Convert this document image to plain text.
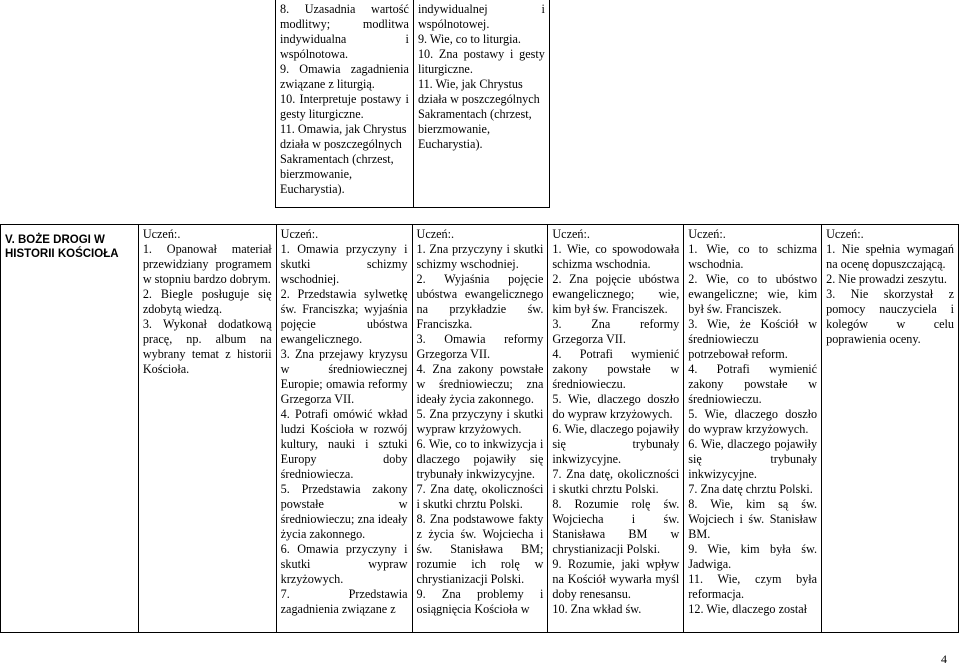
8. Uzasadnia wartość modlitwy; modlitwa indywidualna i wspólnotowa.
9. Omawia zagadnienia związane z liturgią.
10. Interpretuje postawy i gesty liturgiczne.
11. Omawia, jak Chrystus działa w poszczególnych Sakramentach (chrzest, bierzmowanie, Eucharystia).

indywidualnej i wspólnotowej.
9. Wie, co to liturgia.
10. Zna postawy i gesty liturgiczne.
11. Wie, jak Chrystus działa w poszczególnych Sakramentach (chrzest, bierzmowanie, Eucharystia).

V. BOŻE DROGI W HISTORII KOŚCIOŁA	
Uczeń:.
1. Opanował materiał przewidziany programem w stopniu bardzo dobrym.
2. Biegle posługuje się zdobytą wiedzą.
3. Wykonał dodatkową pracę, np. album na wybrany temat z historii Kościoła.

Uczeń:.
1. Omawia przyczyny i skutki schizmy wschodniej.
2. Przedstawia sylwetkę św. Franciszka; wyjaśnia pojęcie ubóstwa ewangelicznego.
3. Zna przejawy kryzysu w średniowiecznej Europie; omawia reformy Grzegorza VII.
4. Potrafi omówić wkład ludzi Kościoła w rozwój kultury, nauki i sztuki Europy doby średniowiecza.
5. Przedstawia zakony powstałe w średniowieczu; zna ideały życia zakonnego.
6. Omawia przyczyny i skutki wypraw krzyżowych.
7. Przedstawia zagadnienia związane z

Uczeń:.
1. Zna przyczyny i skutki schizmy wschodniej.
2. Wyjaśnia pojęcie ubóstwa ewangelicznego na przykładzie św. Franciszka.
3. Omawia reformy Grzegorza VII.
4. Zna zakony powstałe w średniowieczu; zna ideały życia zakonnego.
5. Zna przyczyny i skutki wypraw krzyżowych.
6. Wie, co to inkwizycja i dlaczego pojawiły się trybunały inkwizycyjne.
7. Zna datę, okoliczności i skutki chrztu Polski.
8. Zna podstawowe fakty z życia św. Wojciecha i św. Stanisława BM; rozumie ich rolę w chrystianizacji Polski.
9. Zna problemy i osiągnięcia Kościoła w

Uczeń:.
1. Wie, co spowodowała schizma wschodnia.
2. Zna pojęcie ubóstwa ewangelicznego; wie, kim był św. Franciszek.
3. Zna reformy Grzegorza VII.
4. Potrafi wymienić zakony powstałe w średniowieczu.
5. Wie, dlaczego doszło do wypraw krzyżowych.
6. Wie, dlaczego pojawiły się trybunały inkwizycyjne.
7. Zna datę, okoliczności i skutki chrztu Polski.
8. Rozumie rolę św. Wojciecha i św. Stanisława BM w chrystianizacji Polski.
9. Rozumie, jaki wpływ na Kościół wywarła myśl doby renesansu.
10. Zna wkład św.

Uczeń:.
1. Wie, co to schizma wschodnia.
2. Wie, co to ubóstwo ewangeliczne; wie, kim był św. Franciszek.
3. Wie, że Kościół w średniowieczu potrzebował reform.
4. Potrafi wymienić zakony powstałe w średniowieczu.
5. Wie, dlaczego doszło do wypraw krzyżowych.
6. Wie, dlaczego pojawiły się trybunały inkwizycyjne.
7. Zna datę chrztu Polski.
8. Wie, kim są św. Wojciech i św. Stanisław BM.
9. Wie, kim była św. Jadwiga.
11. Wie, czym była reformacja.
12. Wie, dlaczego został

Uczeń:.
1. Nie spełnia wymagań na ocenę dopuszczającą.
2. Nie prowadzi zeszytu.
3. Nie skorzystał z pomocy nauczyciela i kolegów w celu poprawienia oceny.
4
